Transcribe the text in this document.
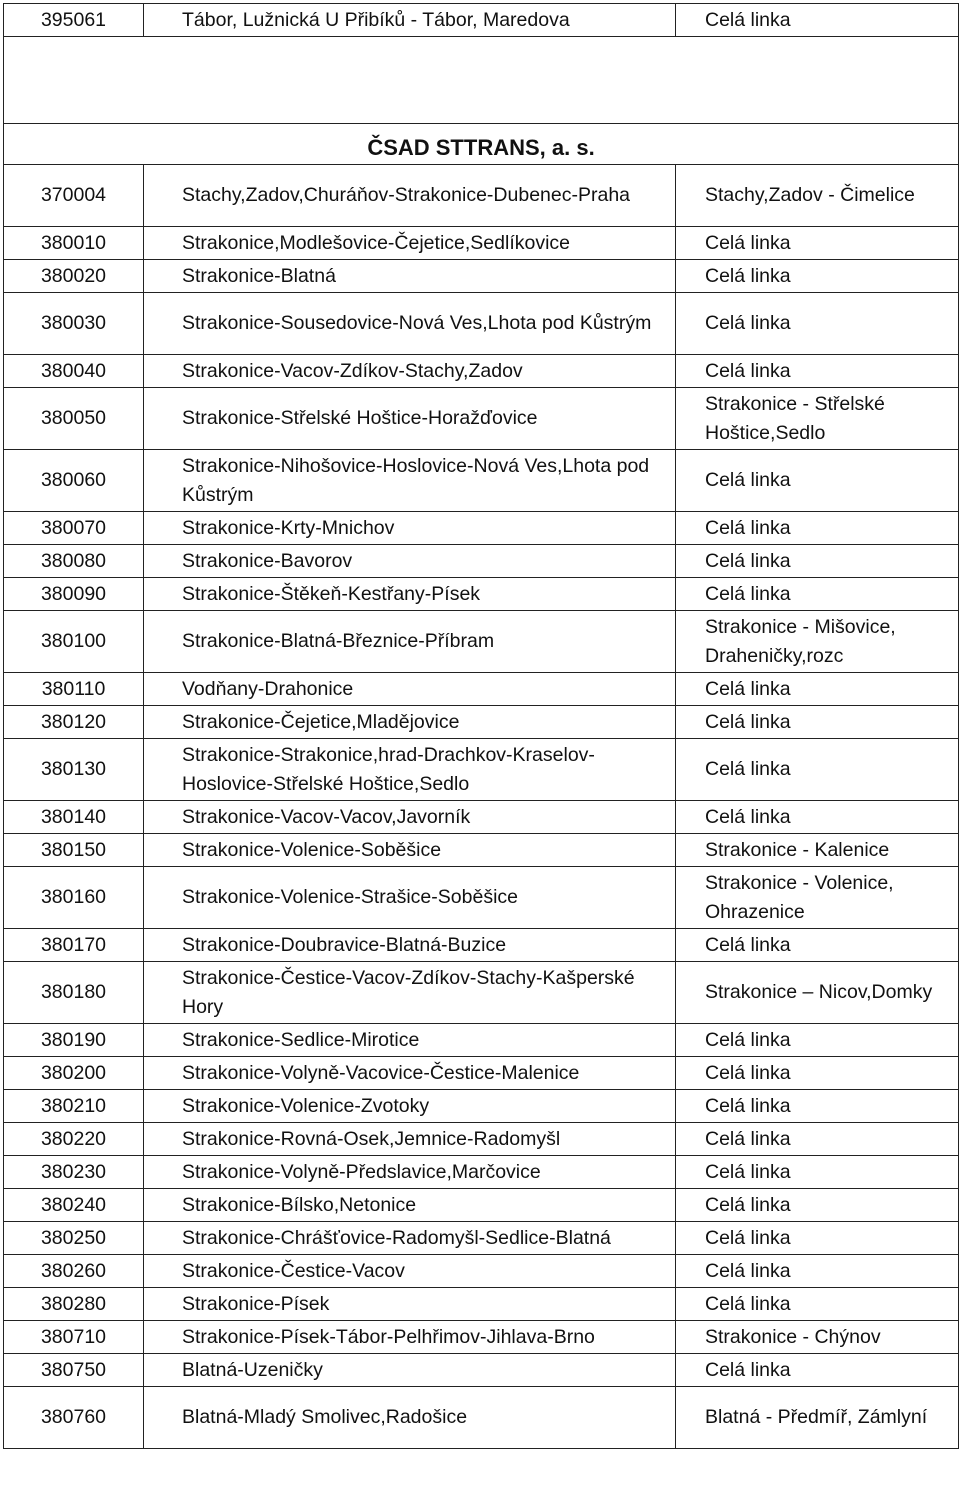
395061	Tábor, Lužnická U Přibíků - Tábor, Maredova	Celá linka

ČSAD STTRANS, a. s.		
370004	Stachy,Zadov,Churáňov-Strakonice-Dubenec-Praha	Stachy,Zadov - Čimelice
380010	Strakonice,Modlešovice-Čejetice,Sedlíkovice	Celá linka
380020	Strakonice-Blatná	Celá linka
380030	Strakonice-Sousedovice-Nová Ves,Lhota pod Kůstrým	Celá linka
380040	Strakonice-Vacov-Zdíkov-Stachy,Zadov	Celá linka
380050	Strakonice-Střelské Hoštice-Horažďovice	Strakonice - Střelské Hoštice,Sedlo
380060	Strakonice-Nihošovice-Hoslovice-Nová Ves,Lhota pod Kůstrým	Celá linka
380070	Strakonice-Krty-Mnichov	Celá linka
380080	Strakonice-Bavorov	Celá linka
380090	Strakonice-Štěkeň-Kestřany-Písek	Celá linka
380100	Strakonice-Blatná-Březnice-Příbram	Strakonice - Mišovice, Draheničky,rozc
380110	Vodňany-Drahonice	Celá linka
380120	Strakonice-Čejetice,Mladějovice	Celá linka
380130	Strakonice-Strakonice,hrad-Drachkov-Kraselov-Hoslovice-Střelské Hoštice,Sedlo	Celá linka
380140	Strakonice-Vacov-Vacov,Javorník	Celá linka
380150	Strakonice-Volenice-Soběšice	Strakonice - Kalenice
380160	Strakonice-Volenice-Strašice-Soběšice	Strakonice - Volenice, Ohrazenice
380170	Strakonice-Doubravice-Blatná-Buzice	Celá linka
380180	Strakonice-Čestice-Vacov-Zdíkov-Stachy-Kašperské Hory	Strakonice – Nicov,Domky
380190	Strakonice-Sedlice-Mirotice	Celá linka
380200	Strakonice-Volyně-Vacovice-Čestice-Malenice	Celá linka
380210	Strakonice-Volenice-Zvotoky	Celá linka
380220	Strakonice-Rovná-Osek,Jemnice-Radomyšl	Celá linka
380230	Strakonice-Volyně-Předslavice,Marčovice	Celá linka
380240	Strakonice-Bílsko,Netonice	Celá linka
380250	Strakonice-Chrášťovice-Radomyšl-Sedlice-Blatná	Celá linka
380260	Strakonice-Čestice-Vacov	Celá linka
380280	Strakonice-Písek	Celá linka
380710	Strakonice-Písek-Tábor-Pelhřimov-Jihlava-Brno	Strakonice - Chýnov
380750	Blatná-Uzeničky	Celá linka
380760	Blatná-Mladý Smolivec,Radošice	Blatná - Předmíř, Zámlyní
